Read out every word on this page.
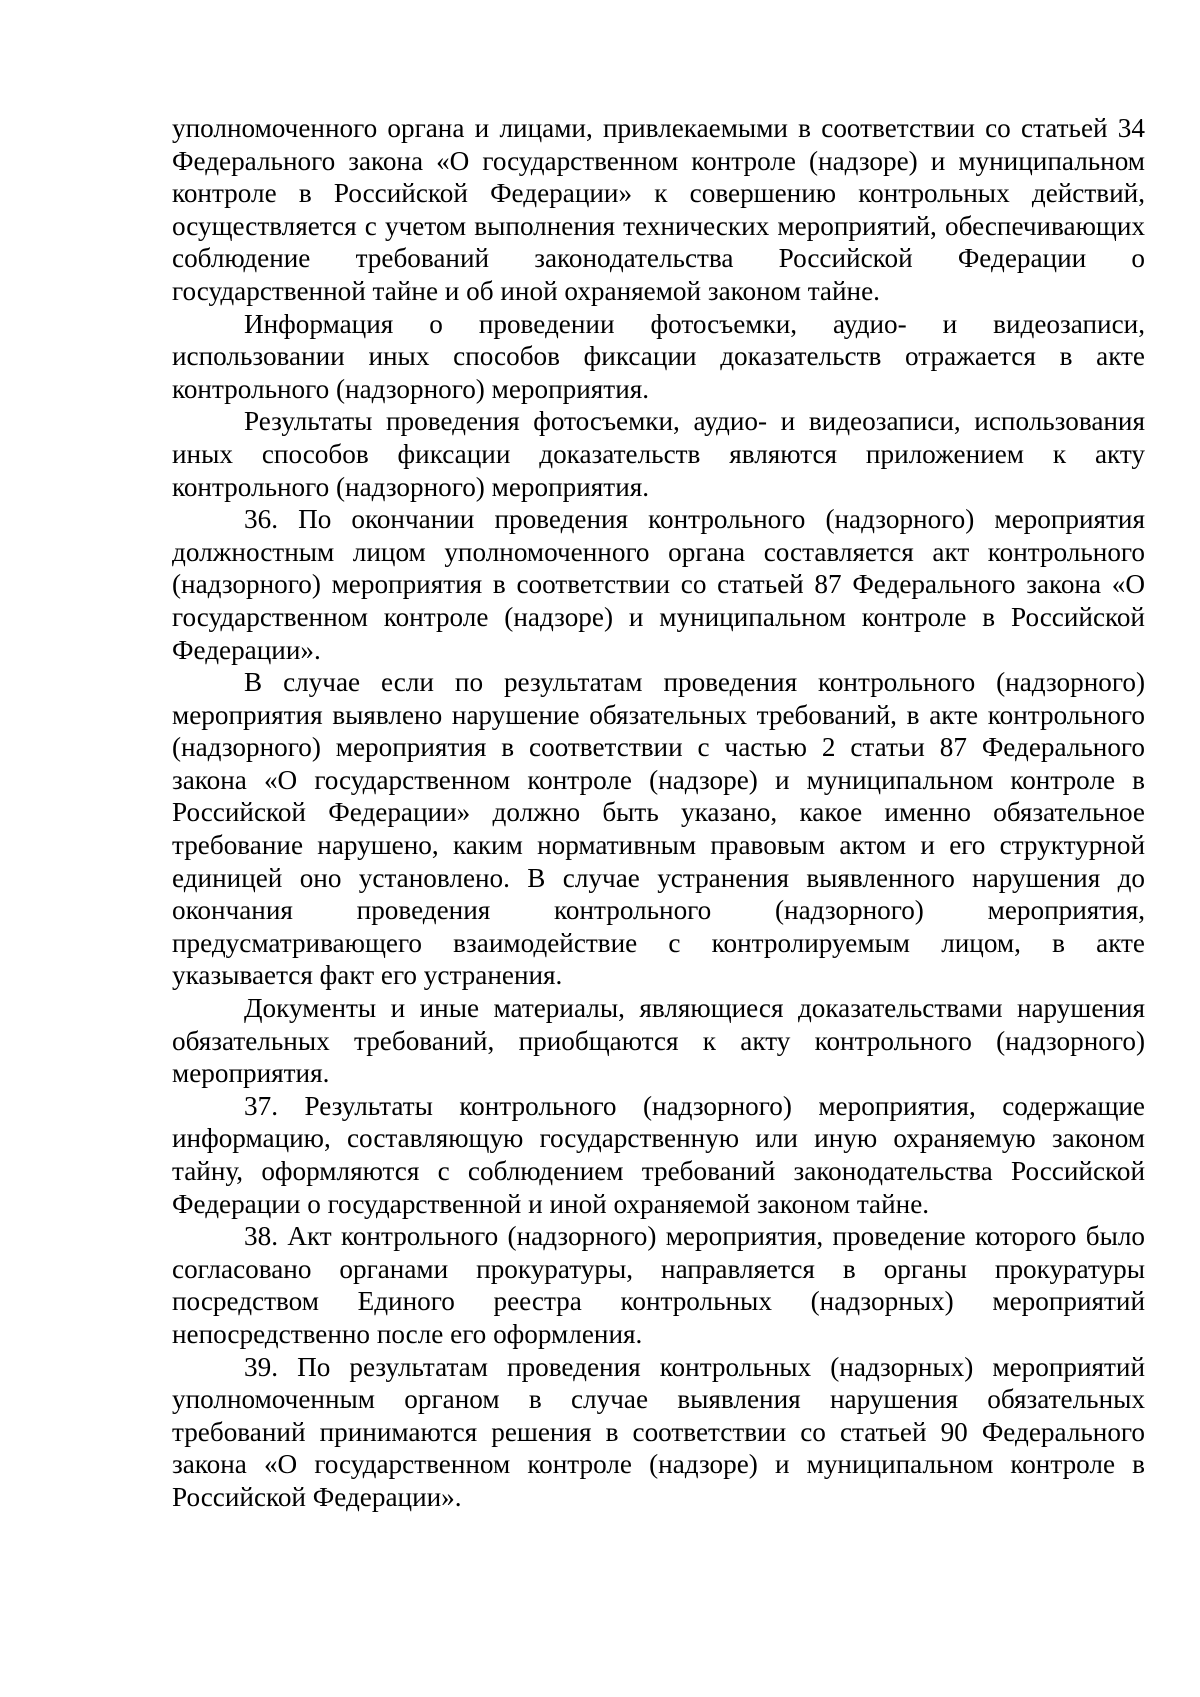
уполномоченного органа и лицами, привлекаемыми в соответствии со статьей 34 Федерального закона «О государственном контроле (надзоре) и муниципальном контроле в Российской Федерации» к совершению контрольных действий, осуществляется с учетом выполнения технических мероприятий, обеспечивающих соблюдение требований законодательства Российской Федерации о государственной тайне и об иной охраняемой законом тайне.

Информация о проведении фотосъемки, аудио- и видеозаписи, использовании иных способов фиксации доказательств отражается в акте контрольного (надзорного) мероприятия.

Результаты проведения фотосъемки, аудио- и видеозаписи, использования иных способов фиксации доказательств являются приложением к акту контрольного (надзорного) мероприятия.

36. По окончании проведения контрольного (надзорного) мероприятия должностным лицом уполномоченного органа составляется акт контрольного (надзорного) мероприятия в соответствии со статьей 87 Федерального закона «О государственном контроле (надзоре) и муниципальном контроле в Российской Федерации».

В случае если по результатам проведения контрольного (надзорного) мероприятия выявлено нарушение обязательных требований, в акте контрольного (надзорного) мероприятия в соответствии с частью 2 статьи 87 Федерального закона «О государственном контроле (надзоре) и муниципальном контроле в Российской Федерации» должно быть указано, какое именно обязательное требование нарушено, каким нормативным правовым актом и его структурной единицей оно установлено. В случае устранения выявленного нарушения до окончания проведения контрольного (надзорного) мероприятия, предусматривающего взаимодействие с контролируемым лицом, в акте указывается факт его устранения.

Документы и иные материалы, являющиеся доказательствами нарушения обязательных требований, приобщаются к акту контрольного (надзорного) мероприятия.

37. Результаты контрольного (надзорного) мероприятия, содержащие информацию, составляющую государственную или иную охраняемую законом тайну, оформляются с соблюдением требований законодательства Российской Федерации о государственной и иной охраняемой законом тайне.

38. Акт контрольного (надзорного) мероприятия, проведение которого было согласовано органами прокуратуры, направляется в органы прокуратуры посредством Единого реестра контрольных (надзорных) мероприятий непосредственно после его оформления.

39. По результатам проведения контрольных (надзорных) мероприятий уполномоченным органом в случае выявления нарушения обязательных требований принимаются решения в соответствии со статьей 90 Федерального закона «О государственном контроле (надзоре) и муниципальном контроле в Российской Федерации».
